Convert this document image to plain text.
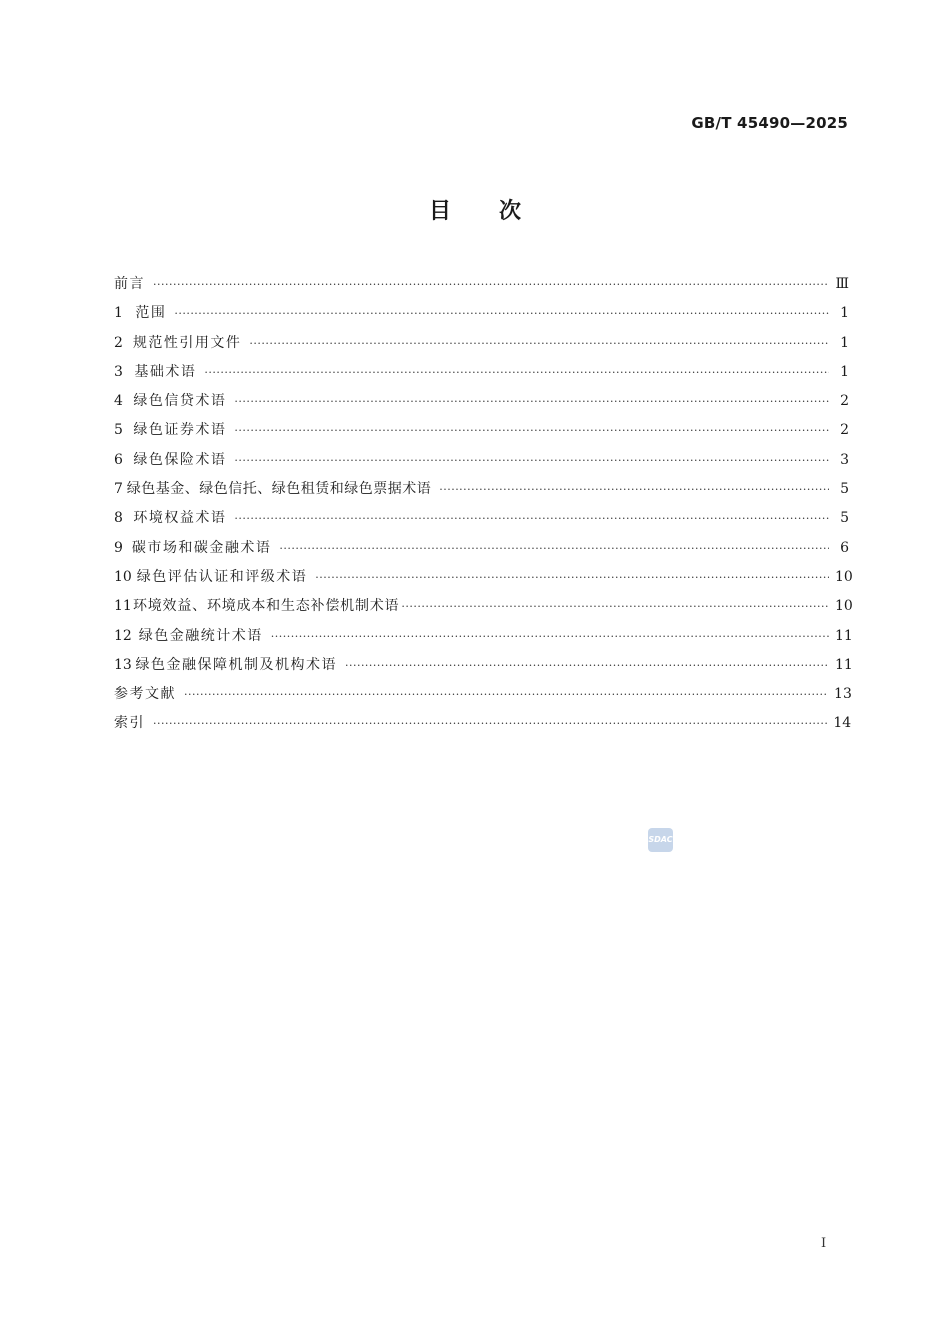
GB/T 45490—2025
目次
前言 ·····	Ⅲ
1 范围 ·····	1
2 规范性引用文件 ·····	1
3 基础术语 ·····	1
4 绿色信贷术语 ·····	2
5 绿色证券术语 ·····	2
6 绿色保险术语 ·····	3
7 绿色基金、绿色信托、绿色租赁和绿色票据术语 ·····	5
8 环境权益术语 ·····	5
9 碳市场和碳金融术语 ·····	6
10 绿色评估认证和评级术语 ·····	10
11 环境效益、环境成本和生态补偿机制术语 ·····	10
12 绿色金融统计术语 ·····	11
13 绿色金融保障机制及机构术语 ·····	11
参考文献 ·····	13
索引 ·····	14
SDAC
I
